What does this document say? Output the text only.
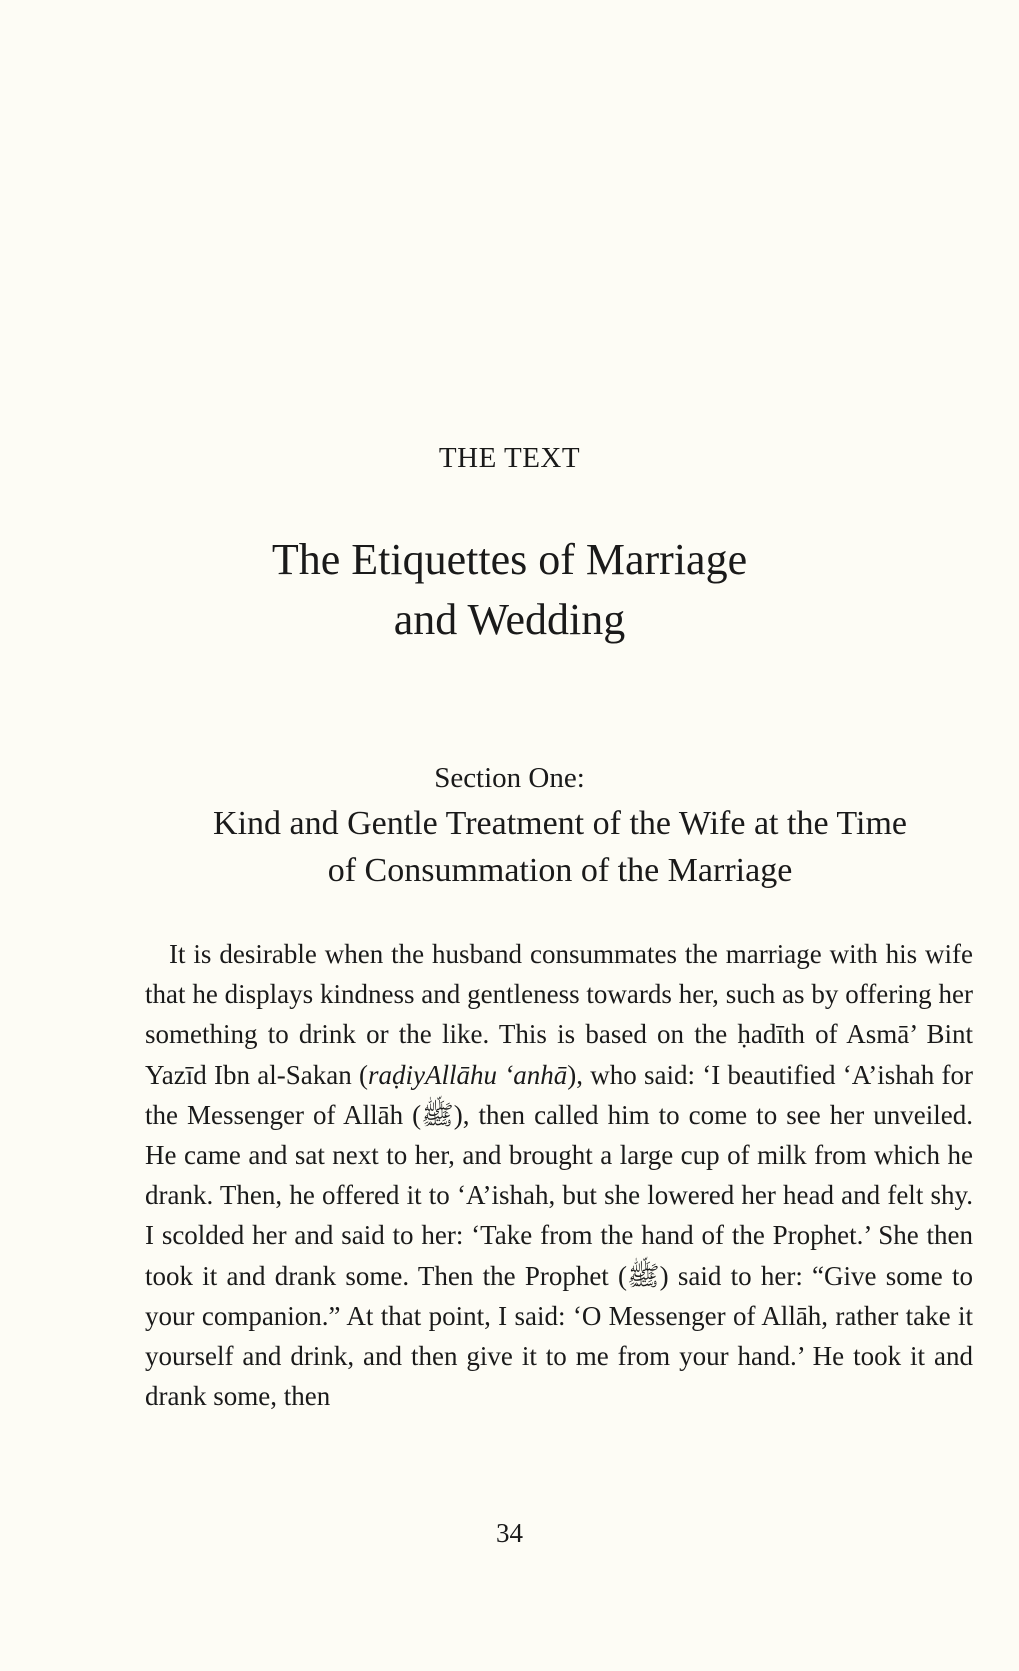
THE TEXT
The Etiquettes of Marriage
and Wedding
Section One:
Kind and Gentle Treatment of the Wife at the Time
of Consummation of the Marriage

It is desirable when the husband consummates the marriage with his wife that he displays kindness and gentleness towards her, such as by offering her something to drink or the like. This is based on the ḥadīth of Asmā’ Bint Yazīd Ibn al-Sakan (raḍiyAllāhu ‘anhā), who said: ‘I beautified ‘A’ishah for the Messenger of Allāh (ﷺ), then called him to come to see her unveiled. He came and sat next to her, and brought a large cup of milk from which he drank. Then, he offered it to ‘A’ishah, but she lowered her head and felt shy. I scolded her and said to her: ‘Take from the hand of the Prophet.’ She then took it and drank some. Then the Prophet (ﷺ) said to her: “Give some to your companion.” At that point, I said: ‘O Messenger of Allāh, rather take it yourself and drink, and then give it to me from your hand.’ He took it and drank some, then

34
